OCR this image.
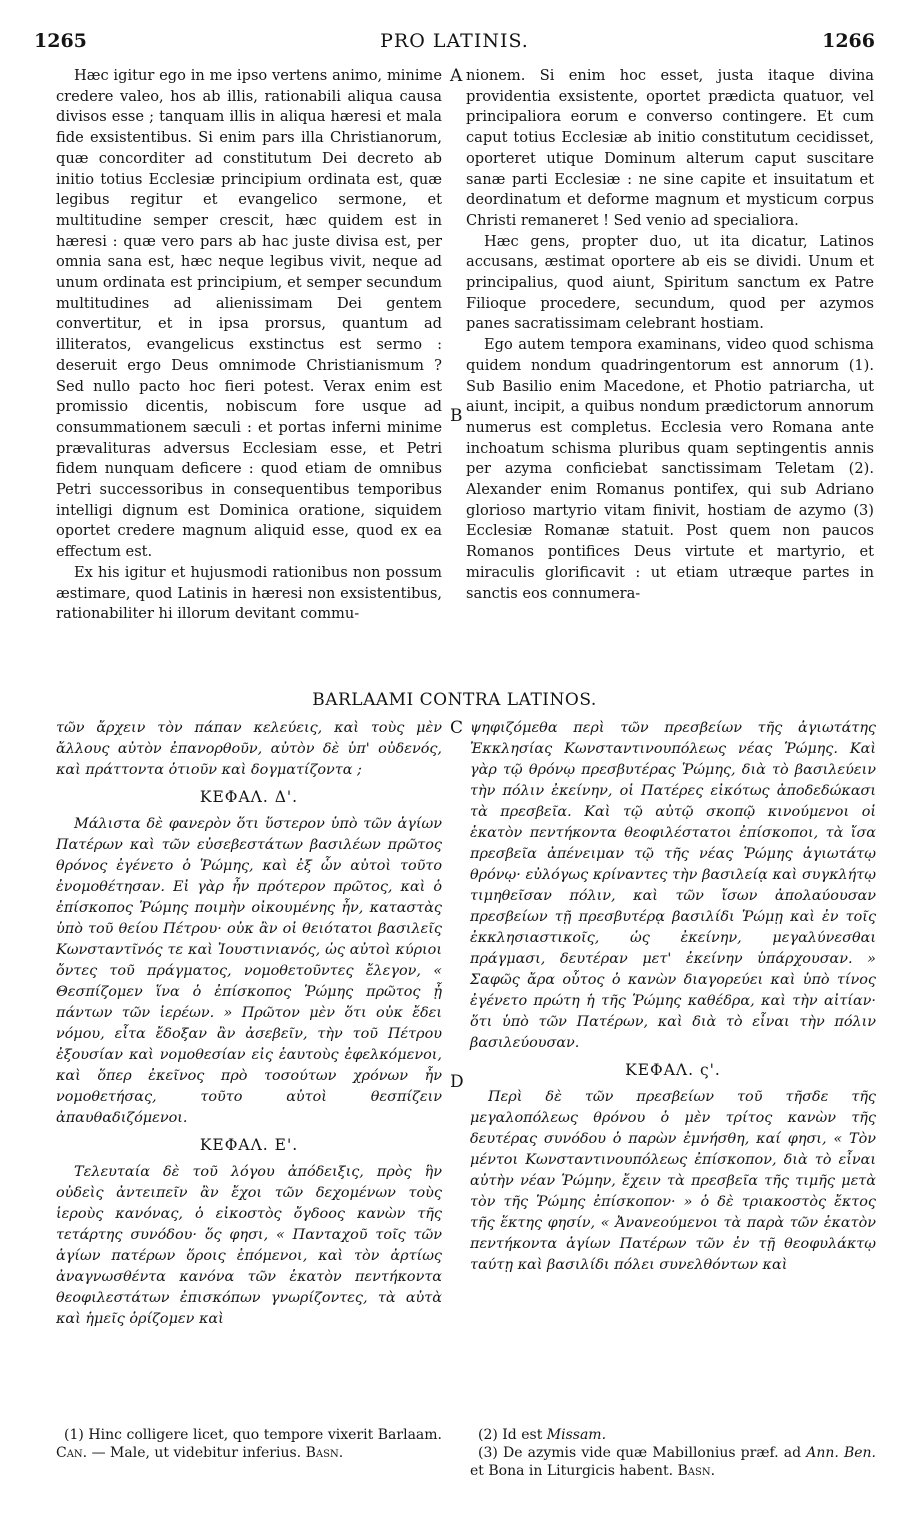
1265	PRO LATINIS.	1266

Hæc igitur ego in me ipso vertens animo, minime credere valeo, hos ab illis, rationabili aliqua causa divisos esse ; tanquam illis in aliqua hæresi et mala fide exsistentibus. Si enim pars illa Christianorum, quæ concorditer ad constitutum Dei decreto ab initio totius Ecclesiæ principium ordinata est, quæ legibus regitur et evangelico sermone, et multitudine semper crescit, hæc quidem est in hæresi : quæ vero pars ab hac juste divisa est, per omnia sana est, hæc neque legibus vivit, neque ad unum ordinata est principium, et semper secundum multitudines ad alienissimam Dei gentem convertitur, et in ipsa prorsus, quantum ad illiteratos, evangelicus exstinctus est sermo : deseruit ergo Deus omnimode Christianismum ? Sed nullo pacto hoc fieri potest. Verax enim est promissio dicentis, nobiscum fore usque ad consummationem sæculi : et portas inferni minime prævalituras adversus Ecclesiam esse, et Petri fidem nunquam deficere : quod etiam de omnibus Petri successoribus in consequentibus temporibus intelligi dignum est Dominica oratione, siquidem oportet credere magnum aliquid esse, quod ex ea effectum est.

Ex his igitur et hujusmodi rationibus non possum æstimare, quod Latinis in hæresi non exsistentibus, rationabiliter hi illorum devitant commu-

A
B

nionem. Si enim hoc esset, justa itaque divina providentia exsistente, oportet prædicta quatuor, vel principaliora eorum e converso contingere. Et cum caput totius Ecclesiæ ab initio constitutum cecidisset, oporteret utique Dominum alterum caput suscitare sanæ parti Ecclesiæ : ne sine capite et insuitatum et deordinatum et deforme magnum et mysticum corpus Christi remaneret ! Sed venio ad specialiora.

Hæc gens, propter duo, ut ita dicatur, Latinos accusans, æstimat oportere ab eis se dividi. Unum et principalius, quod aiunt, Spiritum sanctum ex Patre Filioque procedere, secundum, quod per azymos panes sacratissimam celebrant hostiam.

Ego autem tempora examinans, video quod schisma quidem nondum quadringentorum est annorum (1). Sub Basilio enim Macedone, et Photio patriarcha, ut aiunt, incipit, a quibus nondum prædictorum annorum numerus est completus. Ecclesia vero Romana ante inchoatum schisma pluribus quam septingentis annis per azyma conficiebat sanctissimam Teletam (2). Alexander enim Romanus pontifex, qui sub Adriano glorioso martyrio vitam finivit, hostiam de azymo (3) Ecclesiæ Romanæ statuit. Post quem non paucos Romanos pontifices Deus virtute et martyrio, et miraculis glorificavit : ut etiam utræque partes in sanctis eos connumera-

BARLAAMI CONTRA LATINOS.

τῶν ἄρχειν τὸν πάπαν κελεύεις, καὶ τοὺς μὲν ἄλλους αὐτὸν ἐπανορθοῦν, αὐτὸν δὲ ὑπ' οὐδενός, καὶ πράττοντα ὁτιοῦν καὶ δογματίζοντα ;

ΚΕΦΑΛ. Δ'.

Μάλιστα δὲ φανερὸν ὅτι ὕστερον ὑπὸ τῶν ἁγίων Πατέρων καὶ τῶν εὐσεβεστάτων βασιλέων πρῶτος θρόνος ἐγένετο ὁ Ῥώμης, καὶ ἐξ ὧν αὐτοὶ τοῦτο ἐνομοθέτησαν. Εἰ γὰρ ἦν πρότερον πρῶτος, καὶ ὁ ἐπίσκοπος Ῥώμης ποιμὴν οἰκουμένης ἦν, καταστὰς ὑπὸ τοῦ θείου Πέτρου· οὐκ ἂν οἱ θειότατοι βασιλεῖς Κωνσταντῖνός τε καὶ Ἰουστινιανός, ὡς αὐτοὶ κύριοι ὄντες τοῦ πράγματος, νομοθετοῦντες ἔλεγον, « Θεσπίζομεν ἵνα ὁ ἐπίσκοπος Ῥώμης πρῶτος ᾖ πάντων τῶν ἱερέων. » Πρῶτον μὲν ὅτι οὐκ ἔδει νόμου, εἶτα ἔδοξαν ἂν ἀσεβεῖν, τὴν τοῦ Πέτρου ἐξουσίαν καὶ νομοθεσίαν εἰς ἑαυτοὺς ἐφελκόμενοι, καὶ ὅπερ ἐκεῖνος πρὸ τοσούτων χρόνων ἦν νομοθετήσας, τοῦτο αὐτοὶ θεσπίζειν ἀπαυθαδιζόμενοι.

ΚΕΦΑΛ. Ε'.

Τελευταία δὲ τοῦ λόγου ἀπόδειξις, πρὸς ἣν οὐδεὶς ἀντειπεῖν ἂν ἔχοι τῶν δεχομένων τοὺς ἱεροὺς κανόνας, ὁ εἰκοστὸς ὄγδοος κανὼν τῆς τετάρτης συνόδου· ὅς φησι, « Πανταχοῦ τοῖς τῶν ἁγίων πατέρων ὅροις ἑπόμενοι, καὶ τὸν ἀρτίως ἀναγνωσθέντα κανόνα τῶν ἑκατὸν πεντήκοντα θεοφιλεστάτων ἐπισκόπων γνωρίζοντες, τὰ αὐτὰ καὶ ἡμεῖς ὁρίζομεν καὶ

C
D

ψηφιζόμεθα περὶ τῶν πρεσβείων τῆς ἁγιωτάτης Ἐκκλησίας Κωνσταντινουπόλεως νέας Ῥώμης. Καὶ γὰρ τῷ θρόνῳ πρεσβυτέρας Ῥώμης, διὰ τὸ βασιλεύειν τὴν πόλιν ἐκείνην, οἱ Πατέρες εἰκότως ἀποδεδώκασι τὰ πρεσβεῖα. Καὶ τῷ αὐτῷ σκοπῷ κινούμενοι οἱ ἑκατὸν πεντήκοντα θεοφιλέστατοι ἐπίσκοποι, τὰ ἴσα πρεσβεῖα ἀπένειμαν τῷ τῆς νέας Ῥώμης ἁγιωτάτῳ θρόνῳ· εὐλόγως κρίναντες τὴν βασιλείᾳ καὶ συγκλήτῳ τιμηθεῖσαν πόλιν, καὶ τῶν ἴσων ἀπολαύουσαν πρεσβείων τῇ πρεσβυτέρᾳ βασιλίδι Ῥώμῃ καὶ ἐν τοῖς ἐκκλησιαστικοῖς, ὡς ἐκείνην, μεγαλύνεσθαι πράγμασι, δευτέραν μετ' ἐκείνην ὑπάρχουσαν. » Σαφῶς ἄρα οὗτος ὁ κανὼν διαγορεύει καὶ ὑπὸ τίνος ἐγένετο πρώτη ἡ τῆς Ῥώμης καθέδρα, καὶ τὴν αἰτίαν· ὅτι ὑπὸ τῶν Πατέρων, καὶ διὰ τὸ εἶναι τὴν πόλιν βασιλεύουσαν.

ΚΕΦΑΛ. ς'.

Περὶ δὲ τῶν πρεσβείων τοῦ τῆσδε τῆς μεγαλοπόλεως θρόνου ὁ μὲν τρίτος κανὼν τῆς δευτέρας συνόδου ὁ παρὼν ἐμνήσθη, καί φησι, « Τὸν μέντοι Κωνσταντινουπόλεως ἐπίσκοπον, διὰ τὸ εἶναι αὐτὴν νέαν Ῥώμην, ἔχειν τὰ πρεσβεῖα τῆς τιμῆς μετὰ τὸν τῆς Ῥώμης ἐπίσκοπον· » ὁ δὲ τριακοστὸς ἔκτος τῆς ἕκτης φησίν, « Ἀνανεούμενοι τὰ παρὰ τῶν ἑκατὸν πεντήκοντα ἁγίων Πατέρων τῶν ἐν τῇ θεοφυλάκτῳ ταύτῃ καὶ βασιλίδι πόλει συνελθόντων καὶ

(1) Hinc colligere licet, quo tempore vixerit Barlaam. Can. — Male, ut videbitur inferius. Basn.

(2) Id est Missam.

(3) De azymis vide quæ Mabillonius præf. ad Ann. Ben. et Bona in Liturgicis habent. Basn.
